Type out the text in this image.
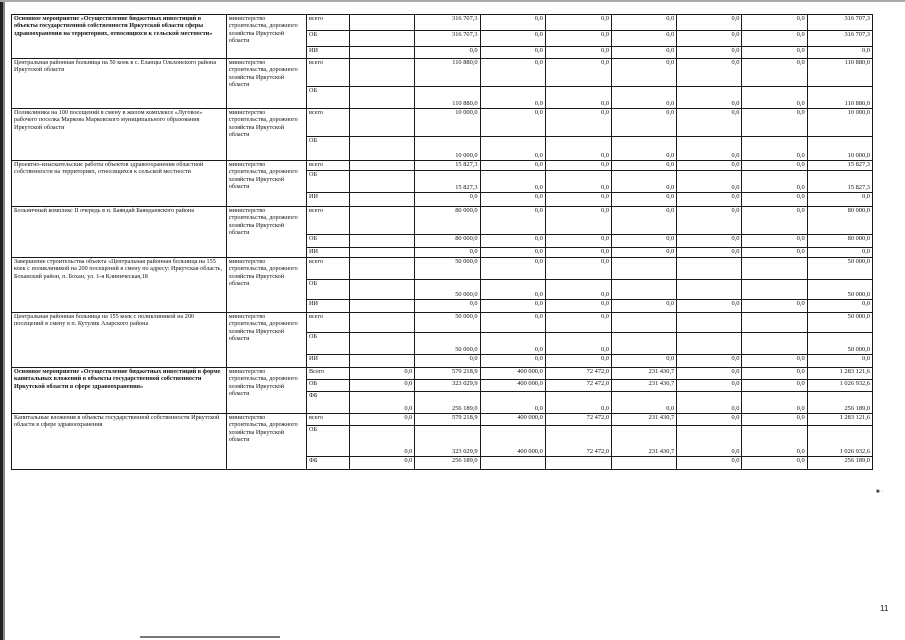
Основное мероприятие «Осуществление бюджетных инвестиций в объекты государственной собственности Иркутской области сферы здравоохранения на территориях, относящихся к сельской местности»	министерство строительства, дорожного хозяйства Иркутской области	всего		316 707,3	0,0	0,0	0,0	0,0	0,0	316 707,3
		ОБ		316 707,3	0,0	0,0	0,0	0,0	0,0	316 707,3
		ИИ		0,0	0,0	0,0	0,0	0,0	0,0	0,0
Центральная районная больница на 50 коек в с. Еланцы Ольхонского района Иркутской области	министерство строительства, дорожного хозяйства Иркутской области	всего		110 880,0	0,0	0,0	0,0	0,0	0,0	110 880,0
		ОБ		110 880,0	0,0	0,0	0,0	0,0	0,0	110 880,0
Поликлиника на 100 посещений в смену в жилом комплексе «Луговое» рабочего поселка Маркова Марковского муниципального образования Иркутской области	министерство строительства, дорожного хозяйства Иркутской области	всего		10 000,0	0,0	0,0	0,0	0,0	0,0	10 000,0
		ОБ		10 000,0	0,0	0,0	0,0	0,0	0,0	10 000,0
Проектно-изыскательские работы объектов здравоохранения областной собственности на территориях, относящихся к сельской местности	министерство строительства, дорожного хозяйства Иркутской области	всего		15 827,3	0,0	0,0	0,0	0,0	0,0	15 827,3
		ОБ		15 827,3	0,0	0,0	0,0	0,0	0,0	15 827,3
		ИИ		0,0	0,0	0,0	0,0	0,0	0,0	0,0
Больничный комплекс II очередь в п. Баяндай Баяндаевского района	министерство строительства, дорожного хозяйства Иркутской области	всего		80 000,0	0,0	0,0	0,0	0,0	0,0	80 000,0
		ОБ		80 000,0	0,0	0,0	0,0	0,0	0,0	80 000,0
		ИИ		0,0	0,0	0,0	0,0	0,0	0,0	0,0
Завершение строительства объекта «Центральная районная больница на 155 коек с поликлиникой на 200 посещений в смену по адресу: Иркутская область, Боханский район, п. Бохан, ул. 1-я Клиническая,18	министерство строительства, дорожного хозяйства Иркутской области	всего		50 000,0	0,0	0,0				50 000,0
		ОБ		50 000,0	0,0	0,0				50 000,0
		ИИ		0,0	0,0	0,0	0,0	0,0	0,0	0,0
Центральная районная больница на 155 коек с поликлиникой на 200 посещений в смену в п. Кутулик Аларского района	министерство строительства, дорожного хозяйства Иркутской области	всего		50 000,0	0,0	0,0				50 000,0
		ОБ		50 000,0	0,0	0,0				50 000,0
		ИИ		0,0	0,0	0,0	0,0	0,0	0,0	0,0
Основное мероприятие «Осуществление бюджетных инвестиций в форме капитальных вложений в объекты государственной собственности Иркутской области в сфере здравоохранения»	министерство строительства, дорожного хозяйства Иркутской области	Всего	0,0	579 218,9	400 000,0	72 472,0	231 430,7	0,0	0,0	1 283 121,6
		ОБ	0,0	323 029,9	400 000,0	72 472,0	231 430,7	0,0	0,0	1 026 932,6
		ФБ	0,0	256 189,0	0,0	0,0	0,0	0,0	0,0	256 189,0
Капитальные вложения в объекты государственной собственности Иркутской области в сфере здравоохранения	министерство строительства, дорожного хозяйства Иркутской области	всего	0,0	579 218,9	400 000,0	72 472,0	231 430,7	0,0	0,0	1 283 121,6
		ОБ	0,0	323 029,9	400 000,0	72 472,0	231 430,7	0,0	0,0	1 026 932,6
		ФБ	0,0	256 189,0				0,0	0,0	256 189,0
11
■ ·
